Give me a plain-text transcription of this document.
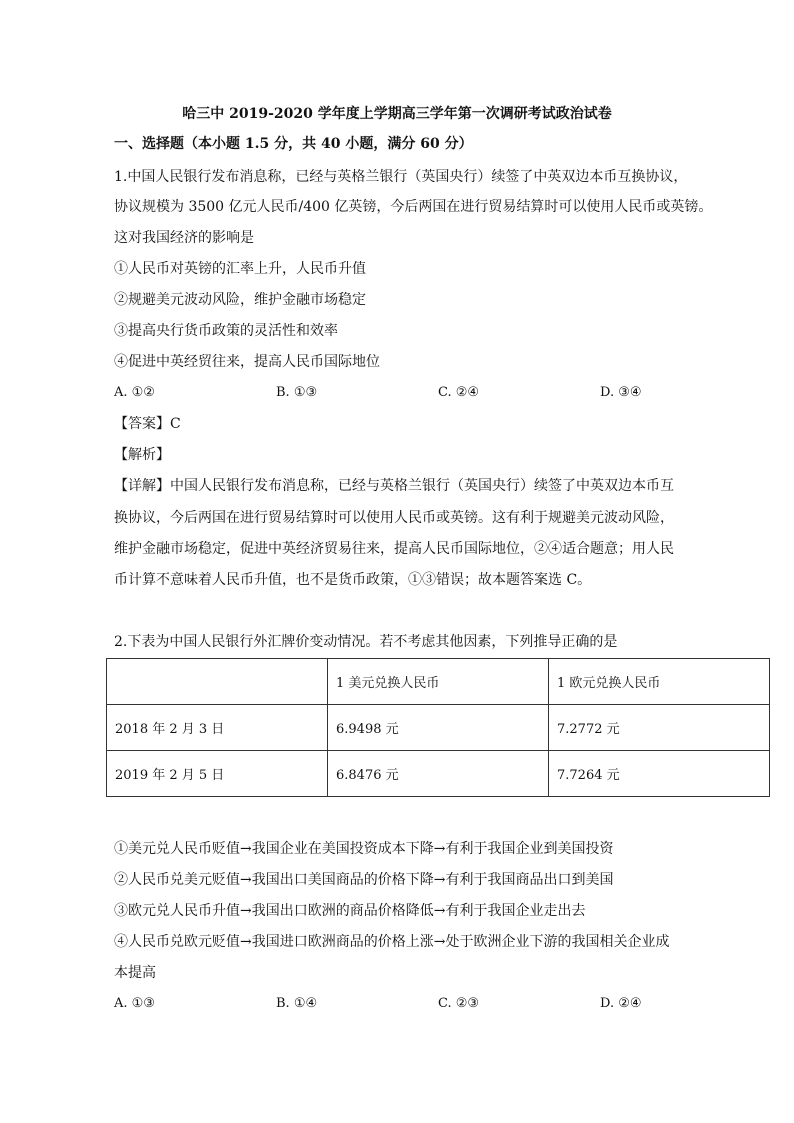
哈三中 2019-2020 学年度上学期高三学年第一次调研考试政治试卷
一、选择题（本小题 1.5 分，共 40 小题，满分 60 分）
1.中国人民银行发布消息称，已经与英格兰银行（英国央行）续签了中英双边本币互换协议，
协议规模为 3500 亿元人民币/400 亿英镑，今后两国在进行贸易结算时可以使用人民币或英镑。
这对我国经济的影响是
①人民币对英镑的汇率上升，人民币升值
②规避美元波动风险，维护金融市场稳定
③提高央行货币政策的灵活性和效率
④促进中英经贸往来，提高人民币国际地位
A. ①②	B. ①③	C. ②④	D. ③④
【答案】C
【解析】
【详解】中国人民银行发布消息称，已经与英格兰银行（英国央行）续签了中英双边本币互
换协议，今后两国在进行贸易结算时可以使用人民币或英镑。这有利于规避美元波动风险，
维护金融市场稳定，促进中英经济贸易往来，提高人民币国际地位，②④适合题意；用人民
币计算不意味着人民币升值，也不是货币政策，①③错误；故本题答案选 C。
2.下表为中国人民银行外汇牌价变动情况。若不考虑其他因素，下列推导正确的是
	1 美元兑换人民币	1 欧元兑换人民币
2018 年 2 月 3 日	6.9498 元	7.2772 元
2019 年 2 月 5 日	6.8476 元	7.7264 元
①美元兑人民币贬值→我国企业在美国投资成本下降→有利于我国企业到美国投资
②人民币兑美元贬值→我国出口美国商品的价格下降→有利于我国商品出口到美国
③欧元兑人民币升值→我国出口欧洲的商品价格降低→有利于我国企业走出去
④人民币兑欧元贬值→我国进口欧洲商品的价格上涨→处于欧洲企业下游的我国相关企业成
本提高
A. ①③	B. ①④	C. ②③	D. ②④
